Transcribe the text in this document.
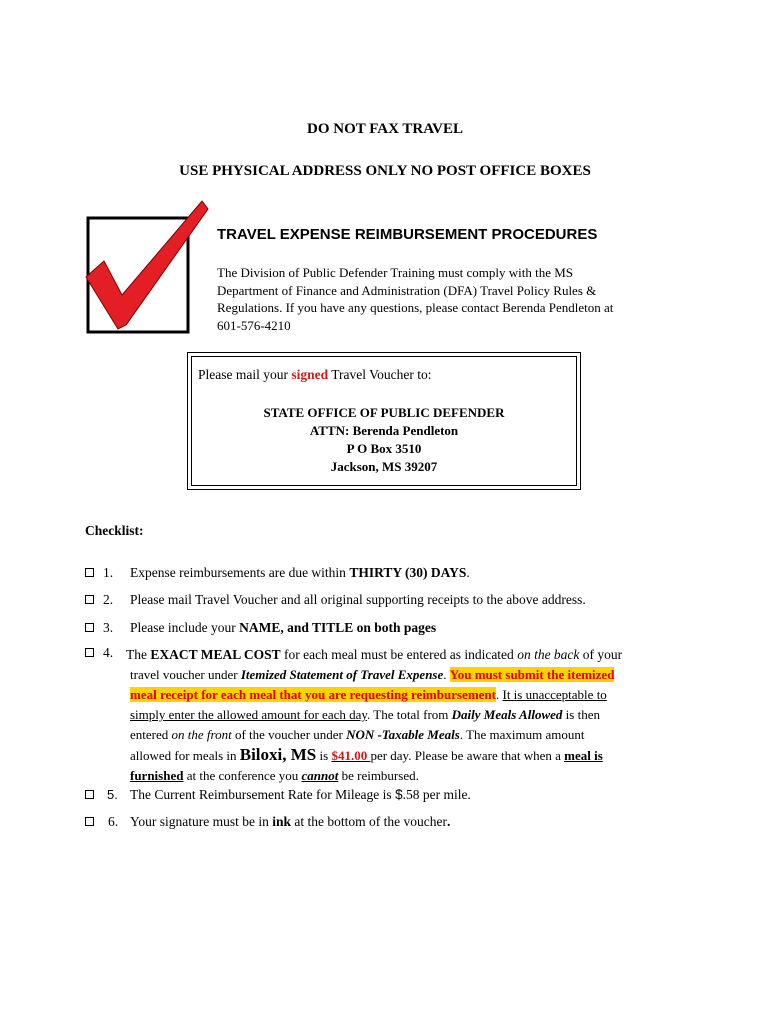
DO NOT FAX TRAVEL
USE PHYSICAL ADDRESS ONLY NO POST OFFICE BOXES
TRAVEL EXPENSE REIMBURSEMENT PROCEDURES
The Division of Public Defender Training must comply with the MS
Department of Finance and Administration (DFA) Travel Policy Rules &
Regulations. If you have any questions, please contact Berenda Pendleton at
601-576-4210
Please mail your signed Travel Voucher to:
STATE OFFICE OF PUBLIC DEFENDER
ATTN: Berenda Pendleton
P O Box 3510
Jackson, MS 39207
Checklist:
1. Expense reimbursements are due within THIRTY (30) DAYS.
2. Please mail Travel Voucher and all original supporting receipts to the above address.
3. Please include your NAME, and TITLE on both pages
4. The EXACT MEAL COST for each meal must be entered as indicated on the back of your
travel voucher under Itemized Statement of Travel Expense. You must submit the itemized
meal receipt for each meal that you are requesting reimbursement. It is unacceptable to
simply enter the allowed amount for each day. The total from Daily Meals Allowed is then
entered on the front of the voucher under NON -Taxable Meals. The maximum amount
allowed for meals in Biloxi, MS is $41.00 per day. Please be aware that when a meal is
furnished at the conference you cannot be reimbursed.
5. The Current Reimbursement Rate for Mileage is $.58 per mile.
6. Your signature must be in ink at the bottom of the voucher.
